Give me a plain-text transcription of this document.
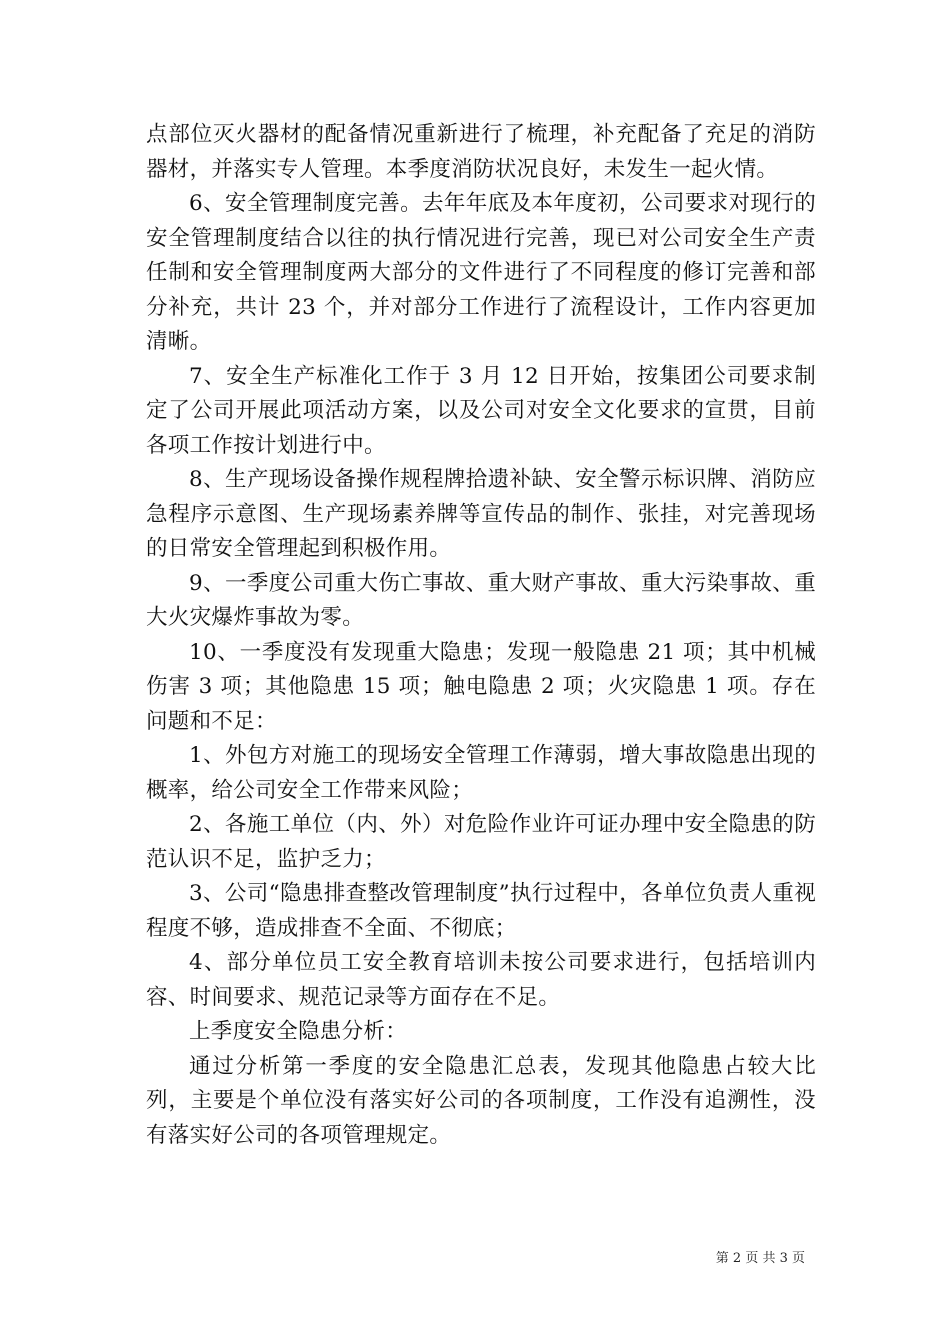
点部位灭火器材的配备情况重新进行了梳理，补充配备了充足的消防器材，并落实专人管理。本季度消防状况良好，未发生一起火情。

6、安全管理制度完善。去年年底及本年度初，公司要求对现行的安全管理制度结合以往的执行情况进行完善，现已对公司安全生产责任制和安全管理制度两大部分的文件进行了不同程度的修订完善和部分补充，共计 23 个，并对部分工作进行了流程设计，工作内容更加清晰。

7、安全生产标准化工作于 3 月 12 日开始，按集团公司要求制定了公司开展此项活动方案，以及公司对安全文化要求的宣贯，目前各项工作按计划进行中。

8、生产现场设备操作规程牌拾遗补缺、安全警示标识牌、消防应急程序示意图、生产现场素养牌等宣传品的制作、张挂，对完善现场的日常安全管理起到积极作用。

9、一季度公司重大伤亡事故、重大财产事故、重大污染事故、重大火灾爆炸事故为零。

10、一季度没有发现重大隐患；发现一般隐患 21 项；其中机械伤害 3 项；其他隐患 15 项；触电隐患 2 项；火灾隐患 1 项。存在问题和不足：

1、外包方对施工的现场安全管理工作薄弱，增大事故隐患出现的概率，给公司安全工作带来风险；

2、各施工单位（内、外）对危险作业许可证办理中安全隐患的防范认识不足，监护乏力；

3、公司“隐患排查整改管理制度”执行过程中，各单位负责人重视程度不够，造成排查不全面、不彻底；

4、部分单位员工安全教育培训未按公司要求进行，包括培训内容、时间要求、规范记录等方面存在不足。

上季度安全隐患分析：

通过分析第一季度的安全隐患汇总表，发现其他隐患占较大比列，主要是个单位没有落实好公司的各项制度，工作没有追溯性，没有落实好公司的各项管理规定。

第 2 页 共 3 页
